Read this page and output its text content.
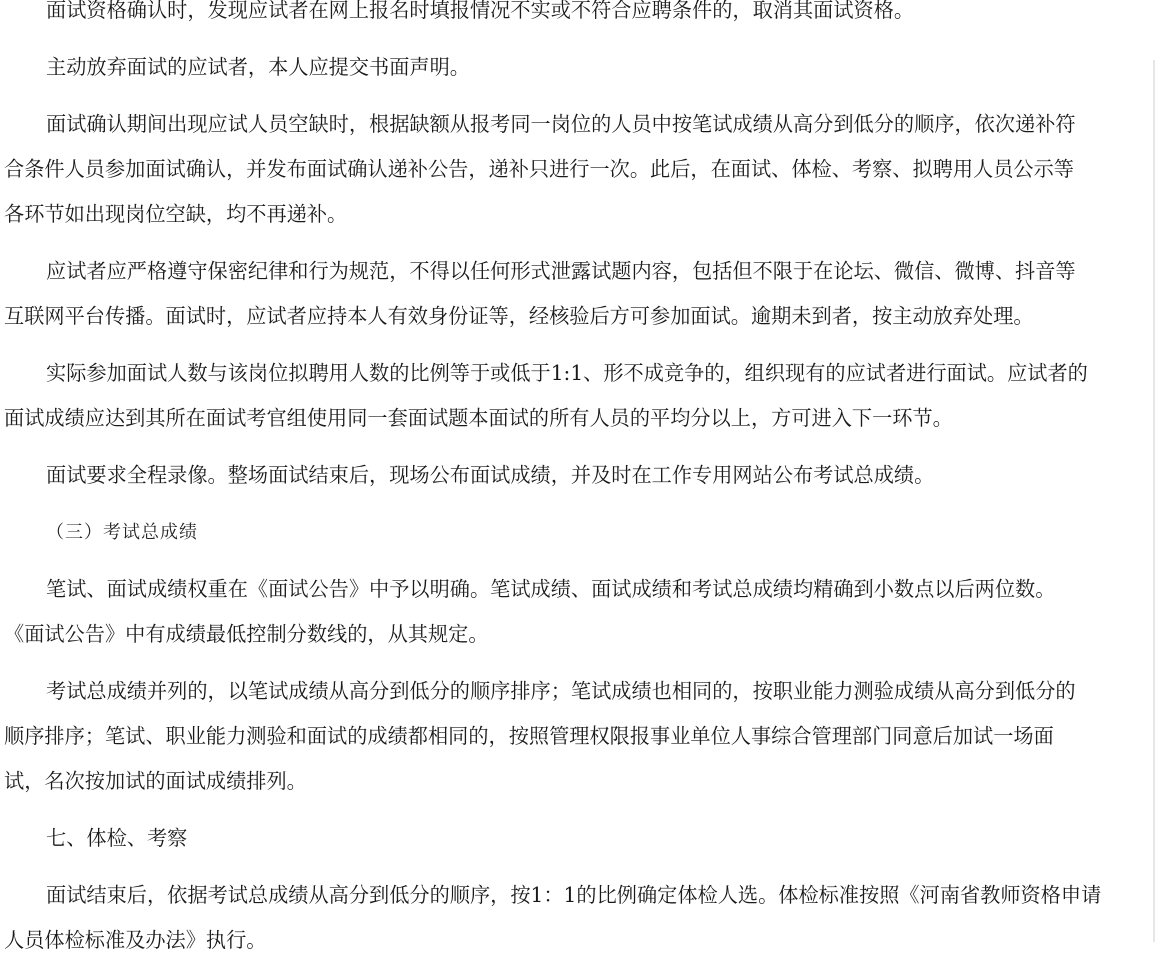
面试资格确认时，发现应试者在网上报名时填报情况不实或不符合应聘条件的，取消其面试资格。
主动放弃面试的应试者，本人应提交书面声明。
面试确认期间出现应试人员空缺时，根据缺额从报考同一岗位的人员中按笔试成绩从高分到低分的顺序，依次递补符
合条件人员参加面试确认，并发布面试确认递补公告，递补只进行一次。此后，在面试、体检、考察、拟聘用人员公示等
各环节如出现岗位空缺，均不再递补。
应试者应严格遵守保密纪律和行为规范，不得以任何形式泄露试题内容，包括但不限于在论坛、微信、微博、抖音等
互联网平台传播。面试时，应试者应持本人有效身份证等，经核验后方可参加面试。逾期未到者，按主动放弃处理。
实际参加面试人数与该岗位拟聘用人数的比例等于或低于1:1、形不成竞争的，组织现有的应试者进行面试。应试者的
面试成绩应达到其所在面试考官组使用同一套面试题本面试的所有人员的平均分以上，方可进入下一环节。
面试要求全程录像。整场面试结束后，现场公布面试成绩，并及时在工作专用网站公布考试总成绩。
（三）考试总成绩
笔试、面试成绩权重在《面试公告》中予以明确。笔试成绩、面试成绩和考试总成绩均精确到小数点以后两位数。
《面试公告》中有成绩最低控制分数线的，从其规定。
考试总成绩并列的，以笔试成绩从高分到低分的顺序排序；笔试成绩也相同的，按职业能力测验成绩从高分到低分的
顺序排序；笔试、职业能力测验和面试的成绩都相同的，按照管理权限报事业单位人事综合管理部门同意后加试一场面
试，名次按加试的面试成绩排列。
七、体检、考察
面试结束后，依据考试总成绩从高分到低分的顺序，按1：1的比例确定体检人选。体检标准按照《河南省教师资格申请
人员体检标准及办法》执行。
